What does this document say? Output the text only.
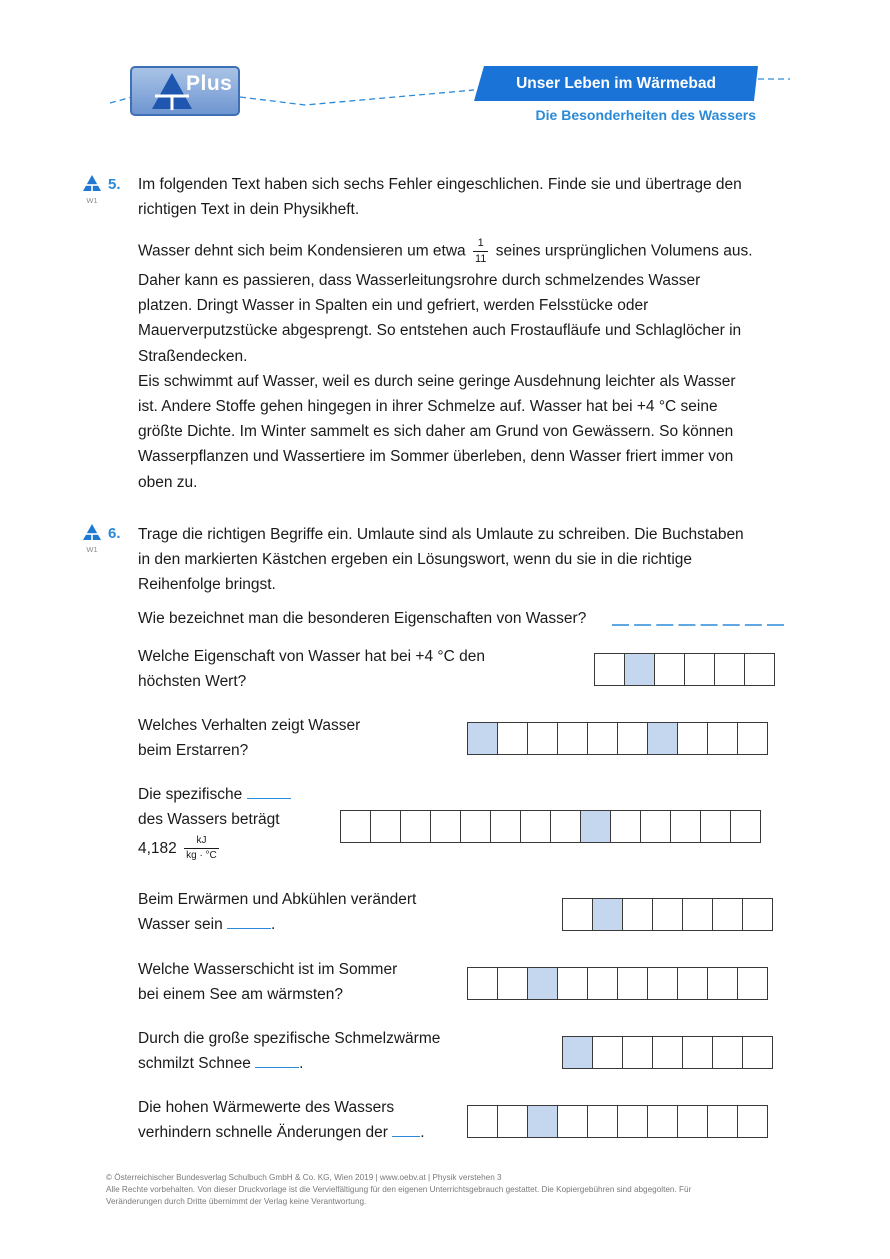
Plus	Unser Leben im Wärmebad
Die Besonderheiten des Wassers
W1
5. Im folgenden Text haben sich sechs Fehler eingeschlichen. Finde sie und übertrage den
richtigen Text in dein Physikheft.
Wasser dehnt sich beim Kondensieren um etwa $\frac{1}{11}$ seines ursprünglichen Volumens aus.
Daher kann es passieren, dass Wasserleitungsrohre durch schmelzendes Wasser
platzen. Dringt Wasser in Spalten ein und gefriert, werden Felsstücke oder
Mauerverputzstücke abgesprengt. So entstehen auch Frostaufläufe und Schlaglöcher in
Straßendecken.
Eis schwimmt auf Wasser, weil es durch seine geringe Ausdehnung leichter als Wasser
ist. Andere Stoffe gehen hingegen in ihrer Schmelze auf. Wasser hat bei +4 °C seine
größte Dichte. Im Winter sammelt es sich daher am Grund von Gewässern. So können
Wasserpflanzen und Wassertiere im Sommer überleben, denn Wasser friert immer von
oben zu.
W1
6. Trage die richtigen Begriffe ein. Umlaute sind als Umlaute zu schreiben. Die Buchstaben
in den markierten Kästchen ergeben ein Lösungswort, wenn du sie in die richtige
Reihenfolge bringst.
Wie bezeichnet man die besonderen Eigenschaften von Wasser?
Welche Eigenschaft von Wasser hat bei +4 °C den
höchsten Wert?
Welches Verhalten zeigt Wasser
beim Erstarren?
Die spezifische
des Wassers beträgt
$4,182 \frac{kJ}{kg \cdot ^\circ C}$
Beim Erwärmen und Abkühlen verändert
Wasser sein	.
Welche Wasserschicht ist im Sommer
bei einem See am wärmsten?
Durch die große spezifische Schmelzwärme
schmilzt Schnee	.
Die hohen Wärmewerte des Wassers
verhindern schnelle Änderungen der .
© Österreichischer Bundesverlag Schulbuch GmbH & Co. KG, Wien 2019 | www.oebv.at | Physik verstehen 3
Alle Rechte vorbehalten. Von dieser Druckvorlage ist die Vervielfältigung für den eigenen Unterrichtsgebrauch gestattet. Die Kopiergebühren sind abgegolten. Für
Veränderungen durch Dritte übernimmt der Verlag keine Verantwortung.
